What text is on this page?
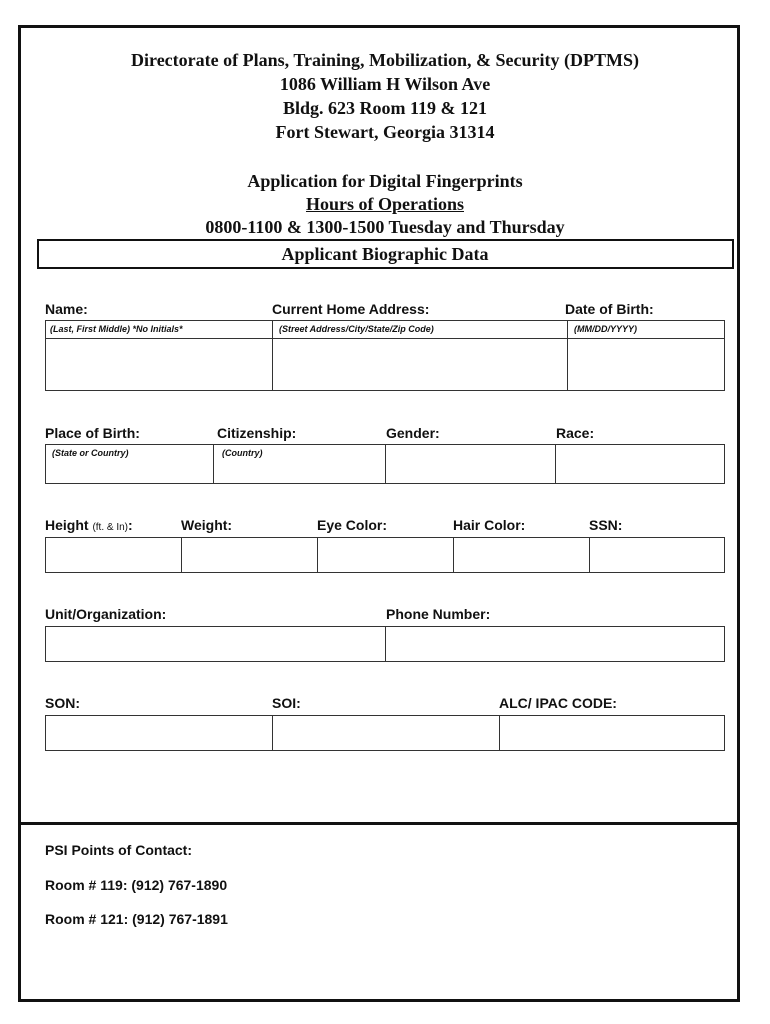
Directorate of Plans, Training, Mobilization, & Security (DPTMS)
1086 William H Wilson Ave
Bldg. 623 Room 119 & 121
Fort Stewart, Georgia 31314
Application for Digital Fingerprints
Hours of Operations
0800-1100 & 1300-1500 Tuesday and Thursday
Applicant Biographic Data
Name:	Current Home Address:	Date of Birth:
(Last, First Middle) *No Initials*	(Street Address/City/State/Zip Code)	(MM/DD/YYYY)
Place of Birth:	Citizenship:	Gender:	Race:
(State or Country)	(Country)
Height (ft. & In):	Weight:	Eye Color:	Hair Color:	SSN:
Unit/Organization:	Phone Number:
SON:	SOI:	ALC/ IPAC CODE:
PSI Points of Contact:
Room # 119: (912) 767-1890
Room # 121: (912) 767-1891
